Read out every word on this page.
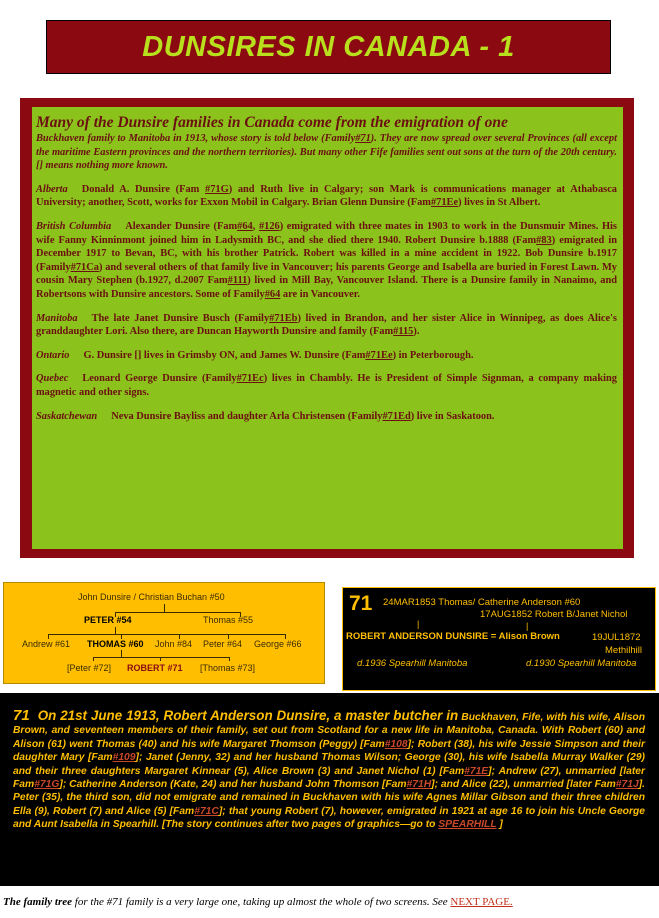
DUNSIRES IN CANADA - 1
Many of the Dunsire families in Canada come from the emigration of one

Buckhaven family to Manitoba in 1913, whose story is told below (Family#71). They are now spread over several Provinces (all except the maritime Eastern provinces and the northern territories). But many other Fife families sent out sons at the turn of the 20th century. [] means nothing more known.

Alberta Donald A. Dunsire (Fam #71G) and Ruth live in Calgary; son Mark is communications manager at Athabasca University; another, Scott, works for Exxon Mobil in Calgary. Brian Glenn Dunsire (Fam#71Ee) lives in St Albert.

British Columbia Alexander Dunsire (Fam#64, #126) emigrated with three mates in 1903 to work in the Dunsmuir Mines. His wife Fanny Kinninmont joined him in Ladysmith BC, and she died there 1940. Robert Dunsire b.1888 (Fam#83) emigrated in December 1917 to Bevan, BC, with his brother Patrick. Robert was killed in a mine accident in 1922. Bob Dunsire b.1917 (Family#71Ca) and several others of that family live in Vancouver; his parents George and Isabella are buried in Forest Lawn. My cousin Mary Stephen (b.1927, d.2007 Fam#111) lived in Mill Bay, Vancouver Island. There is a Dunsire family in Nanaimo, and Robertsons with Dunsire ancestors. Some of Family#64 are in Vancouver.

Manitoba The late Janet Dunsire Busch (Family#71Eb) lived in Brandon, and her sister Alice in Winnipeg, as does Alice's granddaughter Lori. Also there, are Duncan Hayworth Dunsire and family (Fam#115).

Ontario G. Dunsire [] lives in Grimsby ON, and James W. Dunsire (Fam#71Ee) in Peterborough.

Quebec Leonard George Dunsire (Family#71Ec) lives in Chambly. He is President of Simple Signman, a company making magnetic and other signs.

Saskatchewan Neva Dunsire Bayliss and daughter Arla Christensen (Family#71Ed) live in Saskatoon.

John Dunsire / Christian Buchan #50
PETER #54	Thomas #55
Andrew #61 THOMAS #60 John #84 Peter #64 George #66
[Peter #72] ROBERT #71 [Thomas #73]
71 24MAR1853 Thomas/ Catherine Anderson #60
17AUG1852 Robert B/Janet Nichol
|	|
ROBERT ANDERSON DUNSIRE = Alison Brown	19JUL1872
Methilhill
d.1936 Spearhill Manitoba	d.1930 Spearhill Manitoba
71 On 21st June 1913, Robert Anderson Dunsire, a master butcher in Buckhaven, Fife, with his wife, Alison Brown, and seventeen members of their family, set out from Scotland for a new life in Manitoba, Canada. With Robert (60) and Alison (61) went Thomas (40) and his wife Margaret Thomson (Peggy) [Fam#108]; Robert (38), his wife Jessie Simpson and their daughter Mary [Fam#109]; Janet (Jenny, 32) and her husband Thomas Wilson; George (30), his wife Isabella Murray Walker (29) and their three daughters Margaret Kinnear (5), Alice Brown (3) and Janet Nichol (1) [Fam#71E]; Andrew (27), unmarried [later Fam#71G]; Catherine Anderson (Kate, 24) and her husband John Thomson [Fam#71H]; and Alice (22), unmarried [later Fam#71J]. Peter (35), the third son, did not emigrate and remained in Buckhaven with his wife Agnes Millar Gibson and their three children Ella (9), Robert (7) and Alice (5) [Fam#71C]; that young Robert (7), however, emigrated in 1921 at age 16 to join his Uncle George and Aunt Isabella in Spearhill. [The story continues after two pages of graphics—go to SPEARHILL ]
The family tree for the #71 family is a very large one, taking up almost the whole of two screens. See NEXT PAGE.
